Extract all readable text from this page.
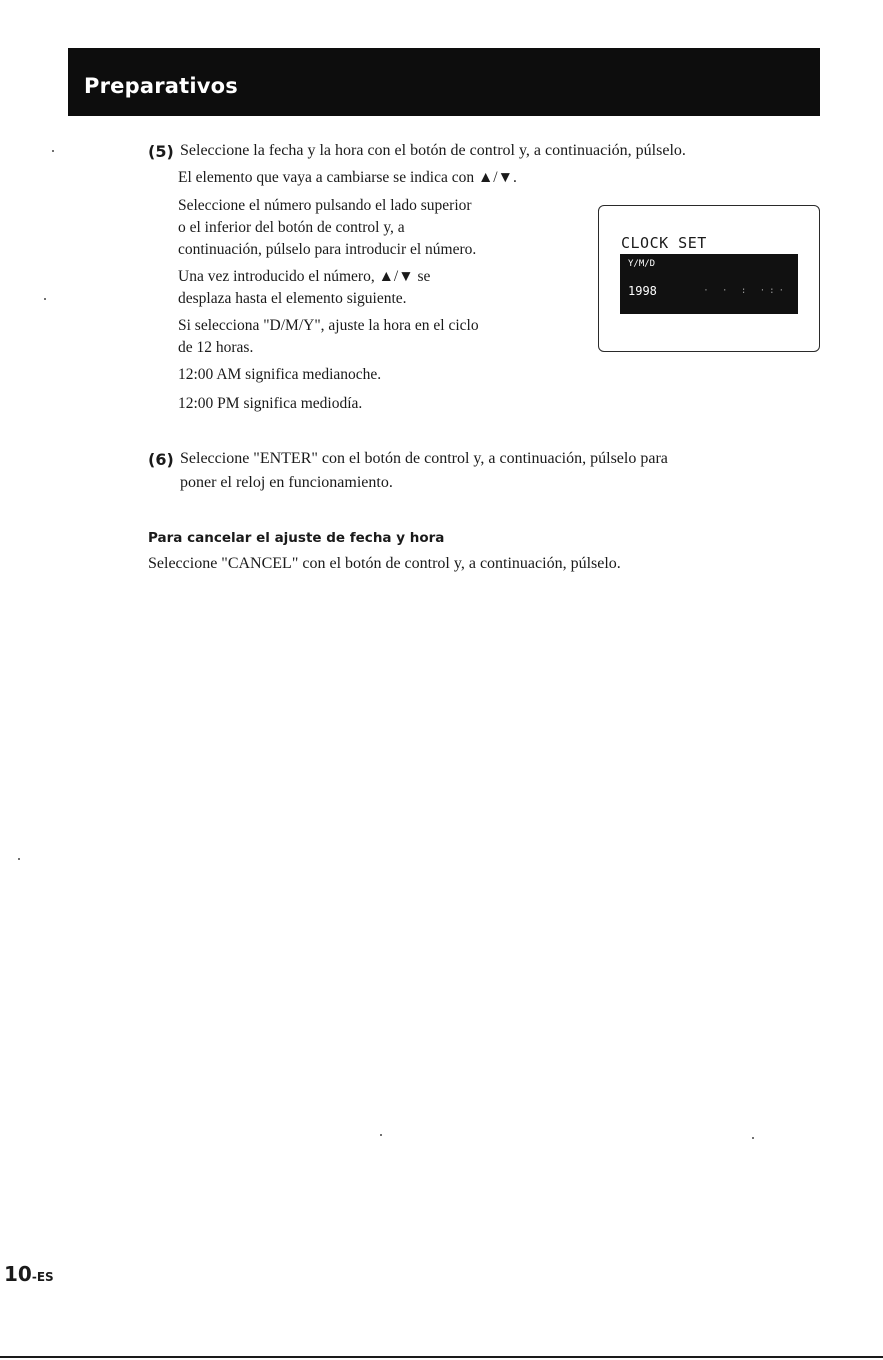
Preparativos
(5) Seleccione la fecha y la hora con el botón de control y, a continuación, púlselo.
El elemento que vaya a cambiarse se indica con ▲/▼.
Seleccione el número pulsando el lado superior
o el inferior del botón de control y, a
continuación, púlselo para introducir el número.
Una vez introducido el número, ▲/▼ se
desplaza hasta el elemento siguiente.
Si selecciona "D/M/Y", ajuste la hora en el ciclo
de 12 horas.
12:00 AM significa medianoche.
12:00 PM significa mediodía.
CLOCK SET
Y/M/D
1998	· · : ·:·
(6) Seleccione "ENTER" con el botón de control y, a continuación, púlselo para
poner el reloj en funcionamiento.
Para cancelar el ajuste de fecha y hora
Seleccione "CANCEL" con el botón de control y, a continuación, púlselo.
10-ES
